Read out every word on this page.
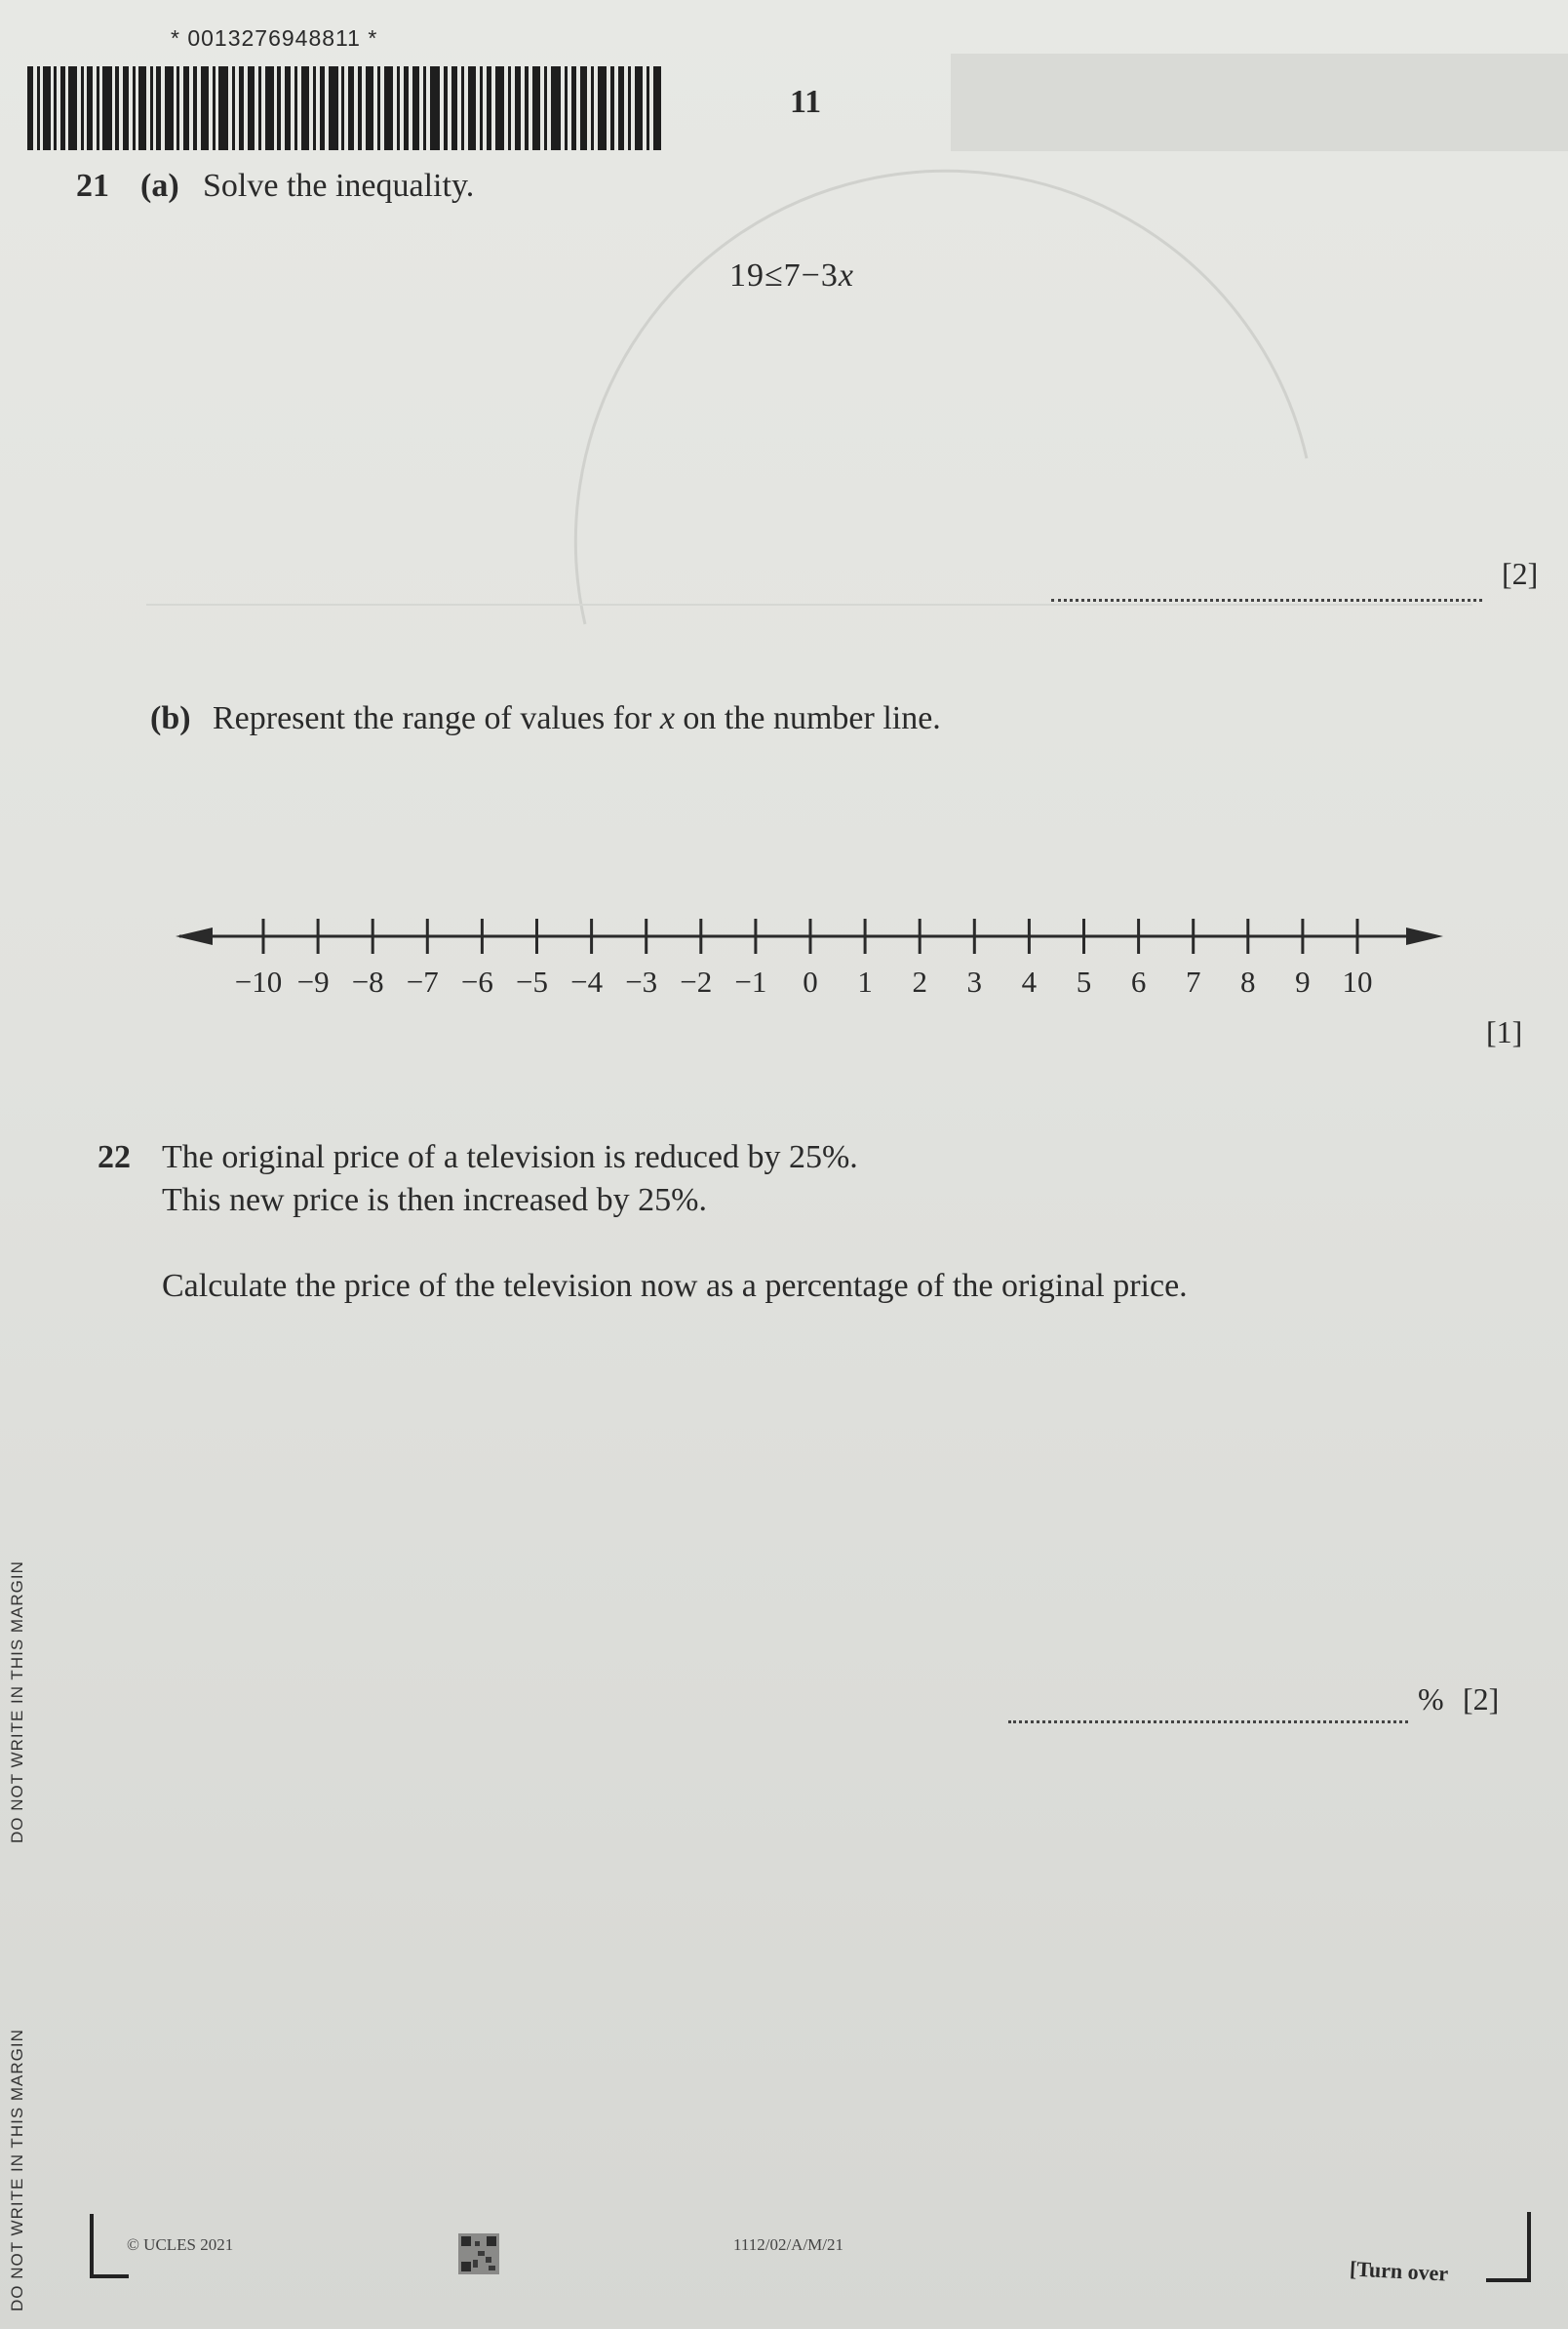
* 0013276948811 *
11
21 (a) Solve the inequality.
19≤7−3x
[2]
(b) Represent the range of values for x on the number line.
−10 −9 −8 −7 −6 −5 −4 −3 −2 −1 0 1 2 3 4 5 6 7 8 9 10
[1]
22 The original price of a television is reduced by 25%.
This new price is then increased by 25%.
Calculate the price of the television now as a percentage of the original price.
% [2]
DO NOT WRITE IN THIS MARGIN
DO NOT WRITE IN THIS MARGIN	© UCLES 2021	1112/02/A/M/21
[Turn over
